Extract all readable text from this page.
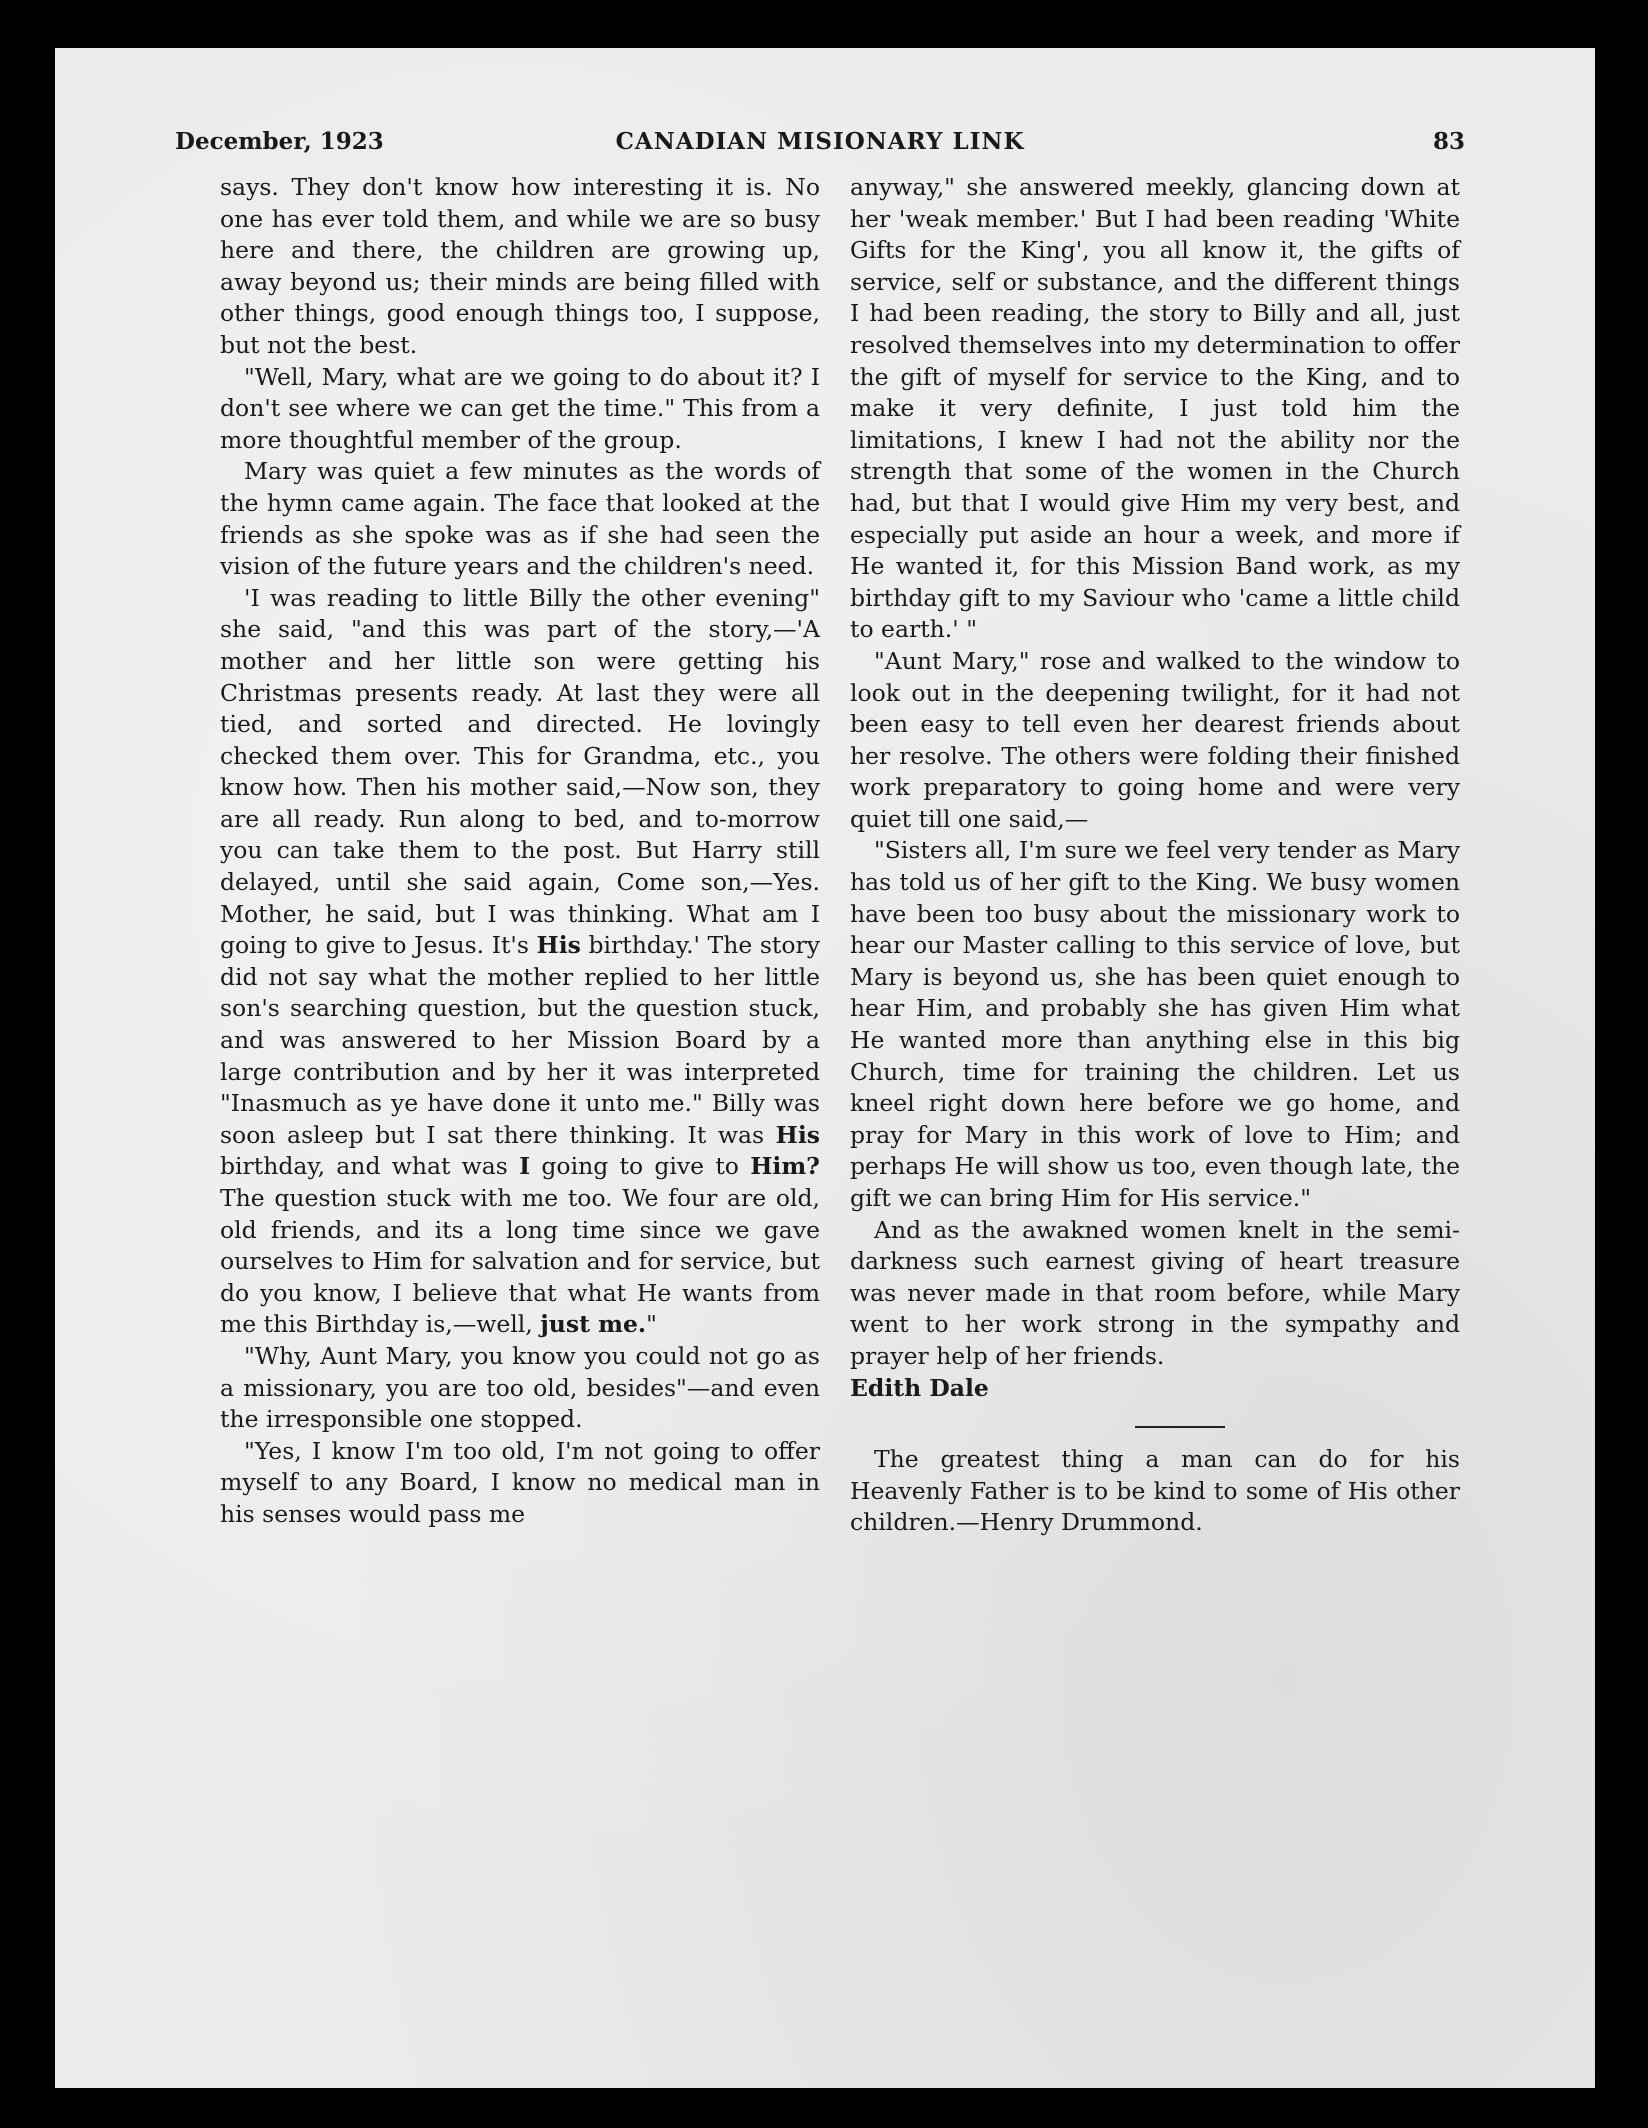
December, 1923	CANADIAN MISIONARY LINK	83

says. They don't know how interesting it is. No one has ever told them, and while we are so busy here and there, the children are growing up, away beyond us; their minds are being filled with other things, good enough things too, I suppose, but not the best.

"Well, Mary, what are we going to do about it? I don't see where we can get the time." This from a more thoughtful member of the group.

Mary was quiet a few minutes as the words of the hymn came again. The face that looked at the friends as she spoke was as if she had seen the vision of the future years and the children's need.

'I was reading to little Billy the other evening" she said, "and this was part of the story,—'A mother and her little son were getting his Christmas presents ready. At last they were all tied, and sorted and directed. He lovingly checked them over. This for Grandma, etc., you know how. Then his mother said,—Now son, they are all ready. Run along to bed, and to-morrow you can take them to the post. But Harry still delayed, until she said again, Come son,—Yes. Mother, he said, but I was thinking. What am I going to give to Jesus. It's His birthday.' The story did not say what the mother replied to her little son's searching question, but the question stuck, and was answered to her Mission Board by a large contribution and by her it was interpreted "Inasmuch as ye have done it unto me." Billy was soon asleep but I sat there thinking. It was His birthday, and what was I going to give to Him? The question stuck with me too. We four are old, old friends, and its a long time since we gave ourselves to Him for salvation and for service, but do you know, I believe that what He wants from me this Birthday is,—well, just me."

"Why, Aunt Mary, you know you could not go as a missionary, you are too old, besides"—and even the irresponsible one stopped.

"Yes, I know I'm too old, I'm not going to offer myself to any Board, I know no medical man in his senses would pass me

anyway," she answered meekly, glancing down at her 'weak member.' But I had been reading 'White Gifts for the King', you all know it, the gifts of service, self or substance, and the different things I had been reading, the story to Billy and all, just resolved themselves into my determination to offer the gift of myself for service to the King, and to make it very definite, I just told him the limitations, I knew I had not the ability nor the strength that some of the women in the Church had, but that I would give Him my very best, and especially put aside an hour a week, and more if He wanted it, for this Mission Band work, as my birthday gift to my Saviour who 'came a little child to earth.' "

"Aunt Mary," rose and walked to the window to look out in the deepening twilight, for it had not been easy to tell even her dearest friends about her resolve. The others were folding their finished work preparatory to going home and were very quiet till one said,—

"Sisters all, I'm sure we feel very tender as Mary has told us of her gift to the King. We busy women have been too busy about the missionary work to hear our Master calling to this service of love, but Mary is beyond us, she has been quiet enough to hear Him, and probably she has given Him what He wanted more than anything else in this big Church, time for training the children. Let us kneel right down here before we go home, and pray for Mary in this work of love to Him; and perhaps He will show us too, even though late, the gift we can bring Him for His service."

And as the awakned women knelt in the semi-darkness such earnest giving of heart treasure was never made in that room before, while Mary went to her work strong in the sympathy and prayer help of her friends.

Edith Dale

The greatest thing a man can do for his Heavenly Father is to be kind to some of His other children.—Henry Drummond.
